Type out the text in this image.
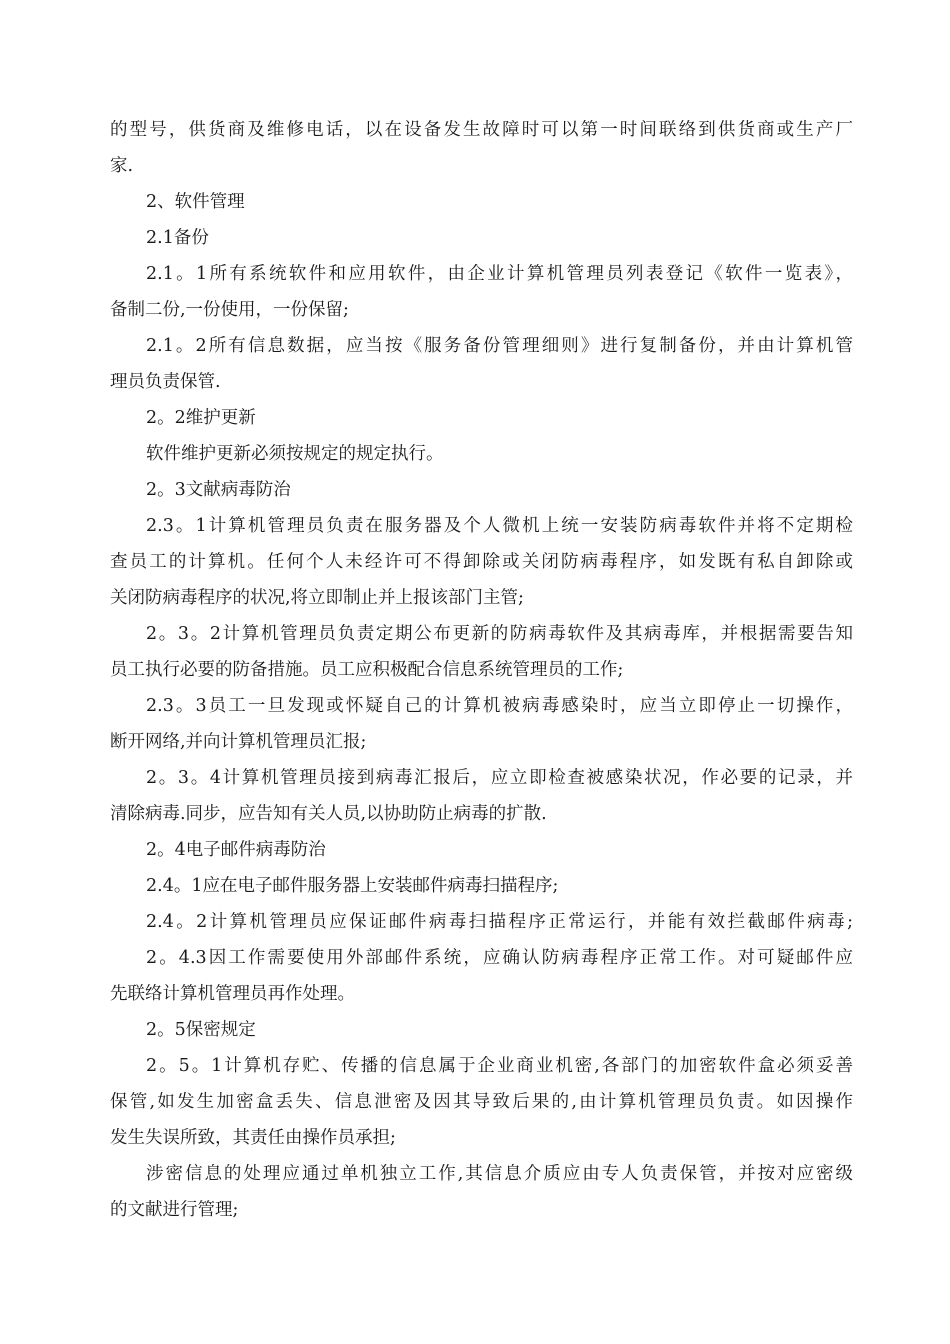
的型号，供货商及维修电话，以在设备发生故障时可以第一时间联络到供货商或生产厂
家.
2、软件管理
2.1备份
2.1。1所有系统软件和应用软件，由企业计算机管理员列表登记《软件一览表》，
备制二份,一份使用，一份保留;
2.1。2所有信息数据，应当按《服务备份管理细则》进行复制备份，并由计算机管
理员负责保管.
2。2维护更新
软件维护更新必须按规定的规定执行。
2。3文献病毒防治
2.3。1计算机管理员负责在服务器及个人微机上统一安装防病毒软件并将不定期检
查员工的计算机。任何个人未经许可不得卸除或关闭防病毒程序，如发既有私自卸除或
关闭防病毒程序的状况,将立即制止并上报该部门主管;
2。3。2计算机管理员负责定期公布更新的防病毒软件及其病毒库，并根据需要告知
员工执行必要的防备措施。员工应积极配合信息系统管理员的工作;
2.3。3员工一旦发现或怀疑自己的计算机被病毒感染时，应当立即停止一切操作，
断开网络,并向计算机管理员汇报;
2。3。4计算机管理员接到病毒汇报后，应立即检查被感染状况，作必要的记录，并
清除病毒.同步，应告知有关人员,以协助防止病毒的扩散.
2。4电子邮件病毒防治
2.4。1应在电子邮件服务器上安装邮件病毒扫描程序;
2.4。2计算机管理员应保证邮件病毒扫描程序正常运行，并能有效拦截邮件病毒;
2。4.3因工作需要使用外部邮件系统，应确认防病毒程序正常工作。对可疑邮件应
先联络计算机管理员再作处理。
2。5保密规定
2。5。1计算机存贮、传播的信息属于企业商业机密,各部门的加密软件盒必须妥善
保管,如发生加密盒丢失、信息泄密及因其导致后果的,由计算机管理员负责。如因操作
发生失误所致，其责任由操作员承担;
涉密信息的处理应通过单机独立工作,其信息介质应由专人负责保管，并按对应密级
的文献进行管理;
